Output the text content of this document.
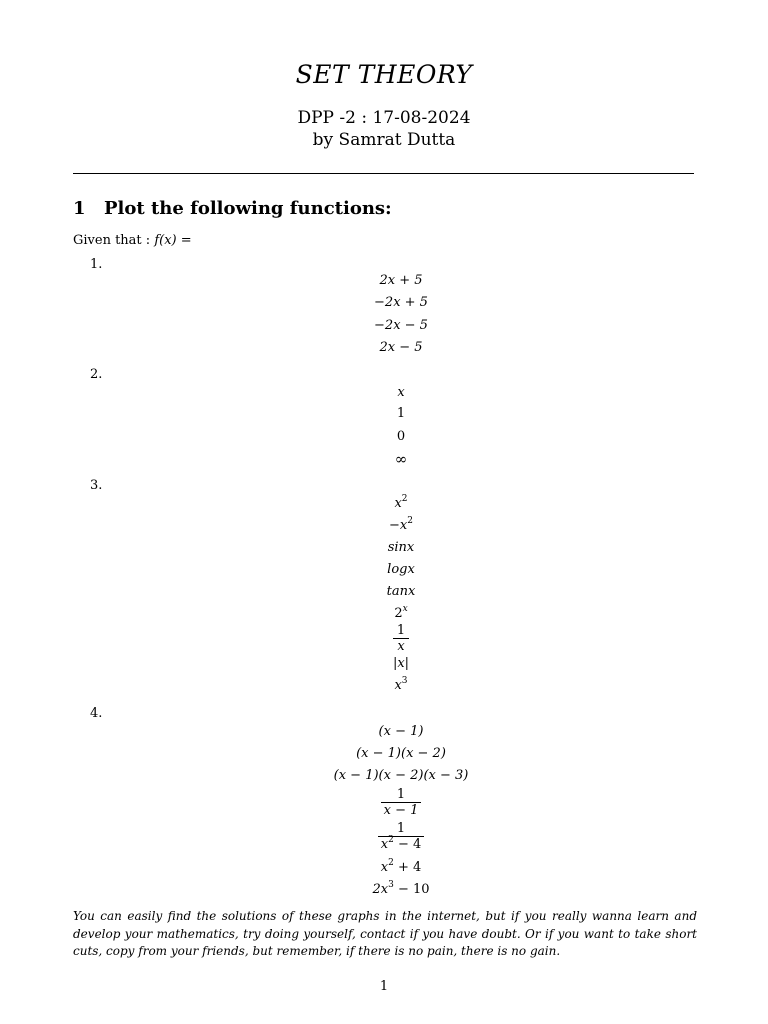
SET THEORY
DPP -2 : 17-08-2024
by Samrat Dutta
1 Plot the following functions:
Given that : f(x) =
1.
2x + 5
−2x + 5
−2x − 5
2x − 5
2.
x
1
0
∞
3.
$x^2$
$-x^2$
sinx
logx
tanx
2$^x$
$\frac{1}{x}$
|x|
$x^3$
4.
(x − 1)
(x − 1)(x − 2)
(x − 1)(x − 2)(x − 3)
$\frac{1}{x - 1}$
$\frac{1}{x^2 - 4}$
$x^2 + 4$
$2x^3 - 10$
You can easily find the solutions of these graphs in the internet, but if you really wanna learn and develop your mathematics, try doing yourself, contact if you have doubt. Or if you want to take short cuts, copy from your friends, but remember, if there is no pain, there is no gain.
1
